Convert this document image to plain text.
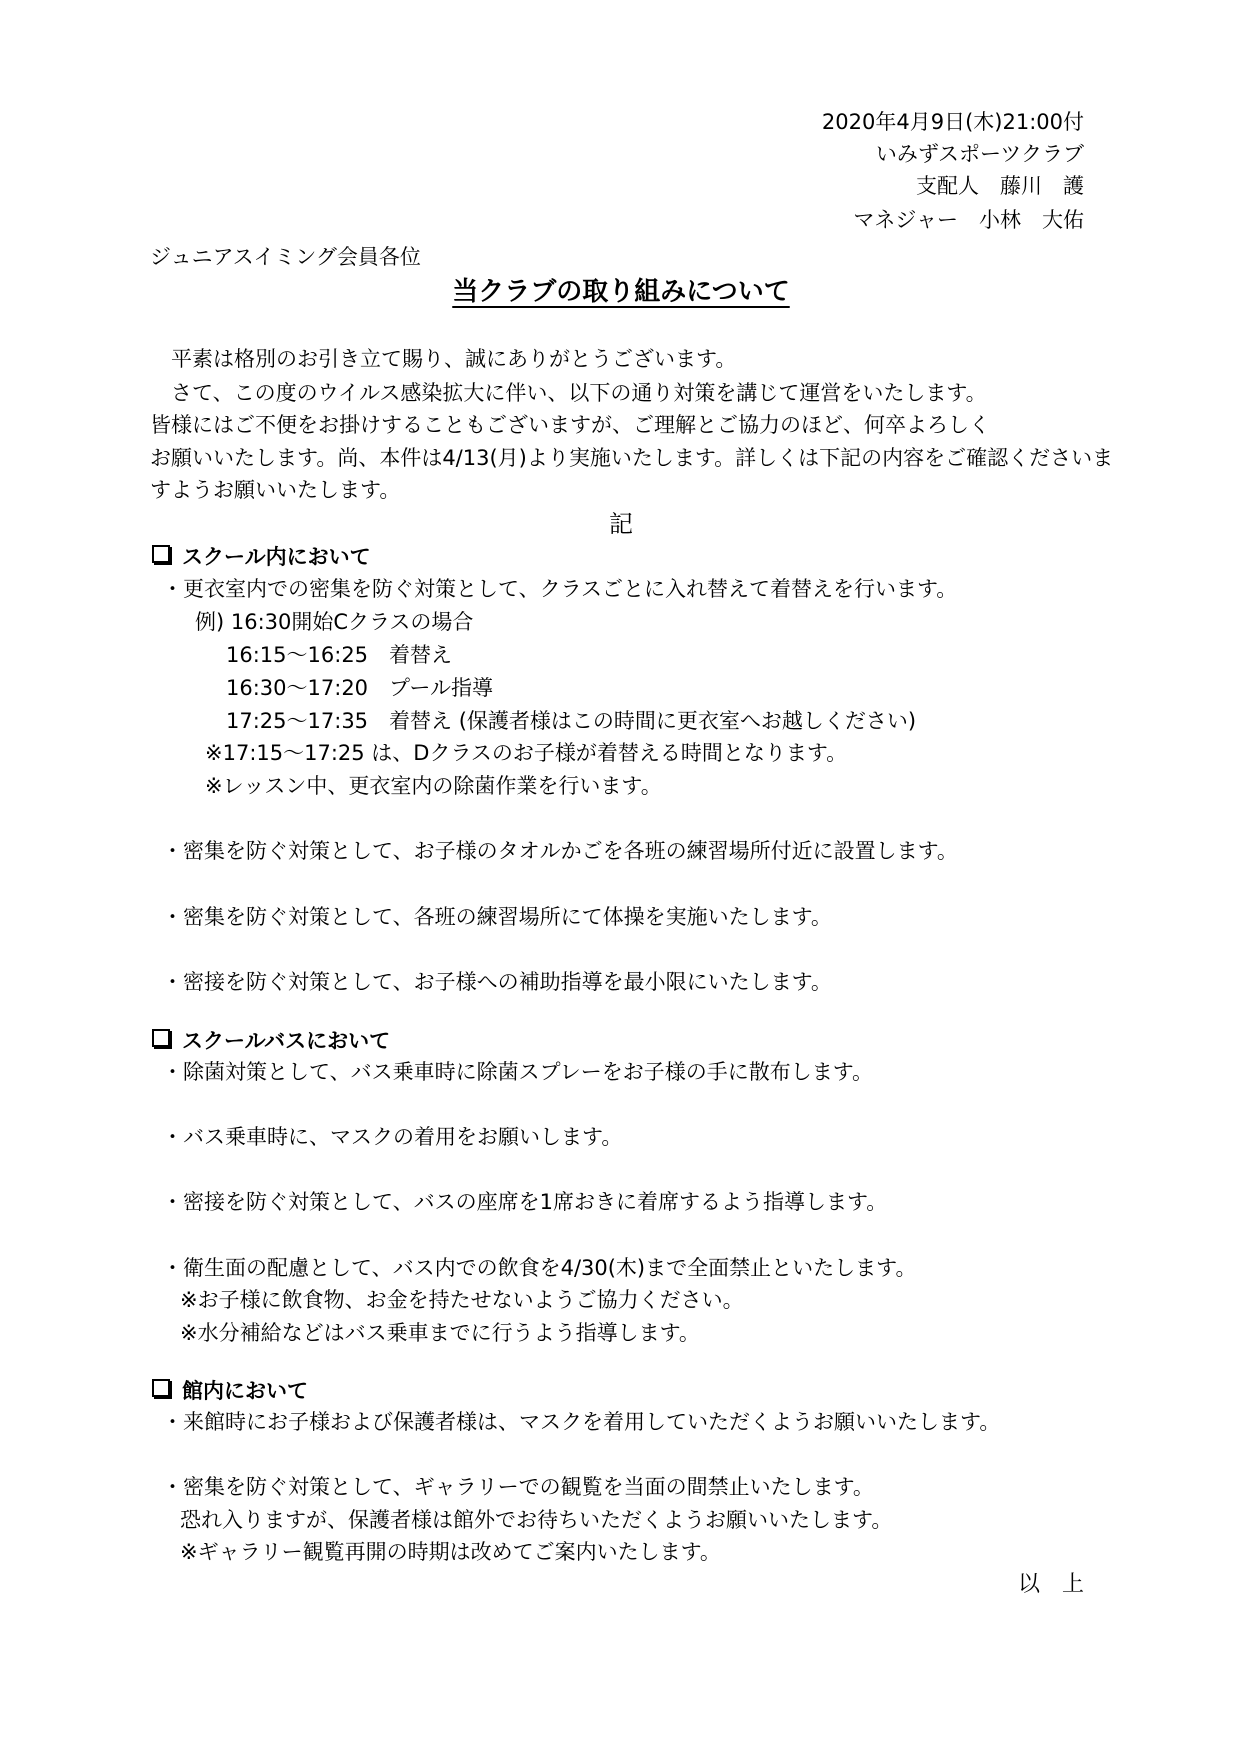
2020年4月9日(木)21:00付
いみずスポーツクラブ
支配人　藤川　護
マネジャー　小林　大佑
ジュニアスイミング会員各位
当クラブの取り組みについて
　平素は格別のお引き立て賜り、誠にありがとうございます。
　さて、この度のウイルス感染拡大に伴い、以下の通り対策を講じて運営をいたします。
皆様にはご不便をお掛けすることもございますが、ご理解とご協力のほど、何卒よろしく
お願いいたします。尚、本件は4/13(月)より実施いたします。詳しくは下記の内容をご確認くださいま
すようお願いいたします。
記
スクール内において
・更衣室内での密集を防ぐ対策として、クラスごとに入れ替えて着替えを行います。
例) 16:30開始Cクラスの場合
16:15～16:25　着替え
16:30～17:20　プール指導
17:25～17:35　着替え (保護者様はこの時間に更衣室へお越しください)
※17:15～17:25 は、Dクラスのお子様が着替える時間となります。
※レッスン中、更衣室内の除菌作業を行います。
・密集を防ぐ対策として、お子様のタオルかごを各班の練習場所付近に設置します。
・密集を防ぐ対策として、各班の練習場所にて体操を実施いたします。
・密接を防ぐ対策として、お子様への補助指導を最小限にいたします。
スクールバスにおいて
・除菌対策として、バス乗車時に除菌スプレーをお子様の手に散布します。
・バス乗車時に、マスクの着用をお願いします。
・密接を防ぐ対策として、バスの座席を1席おきに着席するよう指導します。
・衛生面の配慮として、バス内での飲食を4/30(木)まで全面禁止といたします。
※お子様に飲食物、お金を持たせないようご協力ください。
※水分補給などはバス乗車までに行うよう指導します。
館内において
・来館時にお子様および保護者様は、マスクを着用していただくようお願いいたします。
・密集を防ぐ対策として、ギャラリーでの観覧を当面の間禁止いたします。
恐れ入りますが、保護者様は館外でお待ちいただくようお願いいたします。
※ギャラリー観覧再開の時期は改めてご案内いたします。
以　上
